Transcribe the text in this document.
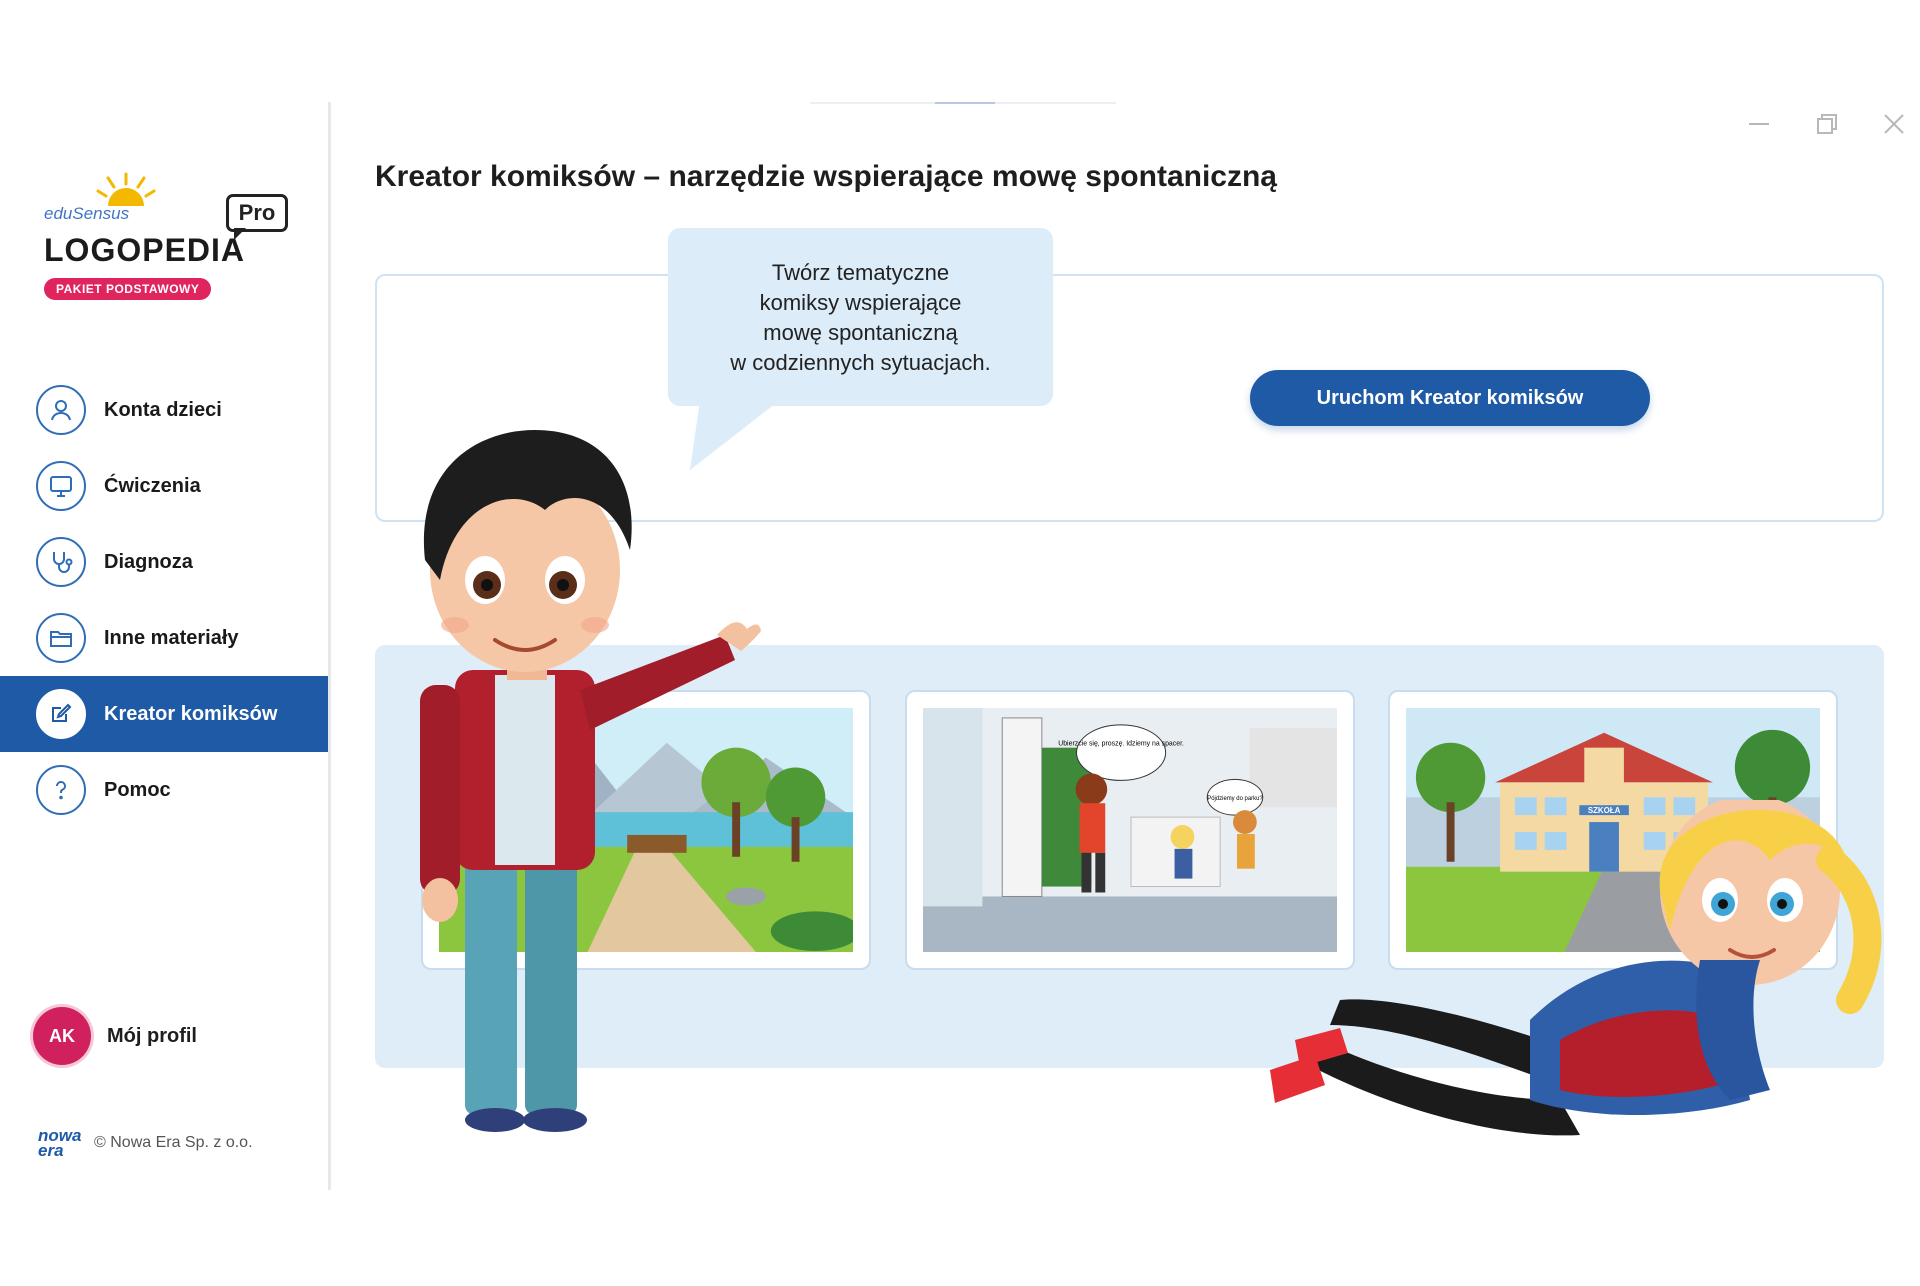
eduSensus
LOGOPEDIA
Pro
PAKIET PODSTAWOWY
Konta dzieci
Ćwiczenia
Diagnoza
Inne materiały
Kreator komiksów
Pomoc
AK	Mój profil
nowa
era	© Nowa Era Sp. z o.o.
Kreator komiksów – narzędzie wspierające mowę spontaniczną
Uruchom Kreator komiksów

Twórz tematyczne
komiksy wspierające
mowę spontaniczną
w codziennych sytuacjach.

Ubierzcie się, proszę. Idziemy na spacer.
Pójdziemy do parku?
SZKOŁA
